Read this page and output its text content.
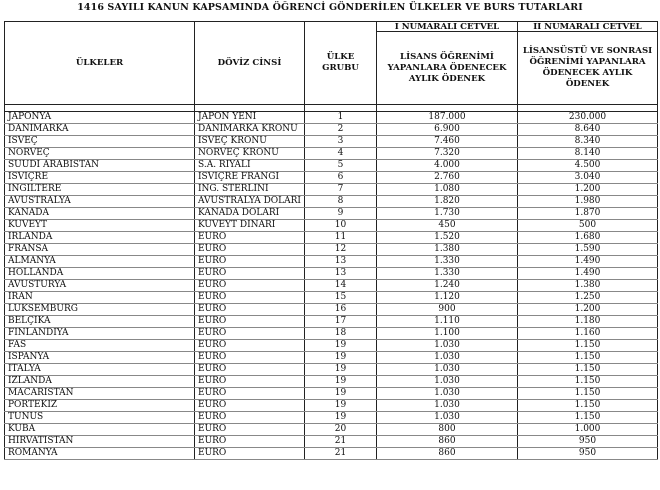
1416 SAYILI KANUN KAPSAMINDA ÖĞRENCİ GÖNDERİLEN ÜLKELER VE BURS TUTARLARI
ÜLKELER	DÖVİZ CİNSİ	ÜLKE GRUBU	I NUMARALI CETVEL	II NUMARALI CETVEL
			LİSANS ÖĞRENİMİ YAPANLARA ÖDENECEK AYLIK ÖDENEK	LİSANSÜSTÜ VE SONRASI ÖĞRENİMİ YAPANLARA ÖDENECEK AYLIK ÖDENEK

JAPONYA	JAPON YENİ	1	187.000	230.000
DANİMARKA	DANİMARKA KRONU	2	6.900	8.640
İSVEÇ	İSVEÇ KRONU	3	7.460	8.340
NORVEÇ	NORVEÇ KRONU	4	7.320	8.140
SUUDİ ARABİSTAN	S.A. RİYALİ	5	4.000	4.500
İSVİÇRE	İSVİÇRE FRANGI	6	2.760	3.040
İNGİLTERE	İNG. STERLİNİ	7	1.080	1.200
AVUSTRALYA	AVUSTRALYA DOLARI	8	1.820	1.980
KANADA	KANADA DOLARI	9	1.730	1.870
KUVEYT	KUVEYT DİNARI	10	450	500
İRLANDA	EURO	11	1.520	1.680
FRANSA	EURO	12	1.380	1.590
ALMANYA	EURO	13	1.330	1.490
HOLLANDA	EURO	13	1.330	1.490
AVUSTURYA	EURO	14	1.240	1.380
İRAN	EURO	15	1.120	1.250
LÜKSEMBURG	EURO	16	900	1.200
BELÇİKA	EURO	17	1.110	1.180
FİNLANDİYA	EURO	18	1.100	1.160
FAS	EURO	19	1.030	1.150
İSPANYA	EURO	19	1.030	1.150
İTALYA	EURO	19	1.030	1.150
İZLANDA	EURO	19	1.030	1.150
MACARİSTAN	EURO	19	1.030	1.150
PORTEKİZ	EURO	19	1.030	1.150
TUNUS	EURO	19	1.030	1.150
KÜBA	EURO	20	800	1.000
HIRVATİSTAN	EURO	21	860	950
ROMANYA	EURO	21	860	950
